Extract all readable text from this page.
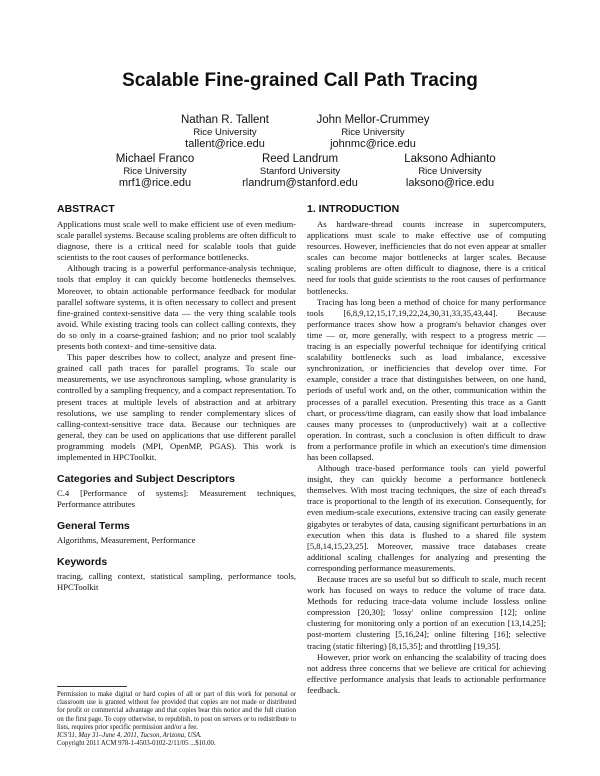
Scalable Fine-grained Call Path Tracing
Nathan R. Tallent
Rice University
tallent@rice.edu
John Mellor-Crummey
Rice University
johnmc@rice.edu
Michael Franco
Rice University
mrf1@rice.edu
Reed Landrum
Stanford University
rlandrum@stanford.edu
Laksono Adhianto
Rice University
laksono@rice.edu
ABSTRACT

Applications must scale well to make efficient use of even medium-scale parallel systems. Because scaling problems are often difficult to diagnose, there is a critical need for scalable tools that guide scientists to the root causes of performance bottlenecks.

Although tracing is a powerful performance-analysis technique, tools that employ it can quickly become bottlenecks themselves. Moreover, to obtain actionable performance feedback for modular parallel software systems, it is often necessary to collect and present fine-grained context-sensitive data — the very thing scalable tools avoid. While existing tracing tools can collect calling contexts, they do so only in a coarse-grained fashion; and no prior tool scalably presents both context- and time-sensitive data.

This paper describes how to collect, analyze and present fine-grained call path traces for parallel programs. To scale our measurements, we use asynchronous sampling, whose granularity is controlled by a sampling frequency, and a compact representation. To present traces at multiple levels of abstraction and at arbitrary resolutions, we use sampling to render complementary slices of calling-context-sensitive trace data. Because our techniques are general, they can be used on applications that use different parallel programming models (MPI, OpenMP, PGAS). This work is implemented in HPCToolkit.

Categories and Subject Descriptors

C.4 [Performance of systems]: Measurement techniques, Performance attributes

General Terms

Algorithms, Measurement, Performance

Keywords

tracing, calling context, statistical sampling, performance tools, HPCToolkit

Permission to make digital or hard copies of all or part of this work for personal or classroom use is granted without fee provided that copies are not made or distributed for profit or commercial advantage and that copies bear this notice and the full citation on the first page. To copy otherwise, to republish, to post on servers or to redistribute to lists, requires prior specific permission and/or a fee.

ICS'11, May 31–June 4, 2011, Tucson, Arizona, USA.

Copyright 2011 ACM 978-1-4503-0102-2/11/05 ...$10.00.

1. INTRODUCTION

As hardware-thread counts increase in supercomputers, applications must scale to make effective use of computing resources. However, inefficiencies that do not even appear at smaller scales can become major bottlenecks at larger scales. Because scaling problems are often difficult to diagnose, there is a critical need for tools that guide scientists to the root causes of performance bottlenecks.

Tracing has long been a method of choice for many performance tools [6,8,9,12,15,17,19,22,24,30,31,33,35,43,44]. Because performance traces show how a program's behavior changes over time — or, more generally, with respect to a progress metric — tracing is an especially powerful technique for identifying critical scalability bottlenecks such as load imbalance, excessive synchronization, or inefficiencies that develop over time. For example, consider a trace that distinguishes between, on one hand, periods of useful work and, on the other, communication within the processes of a parallel execution. Presenting this trace as a Gantt chart, or process/time diagram, can easily show that load imbalance causes many processes to (unproductively) wait at a collective operation. In contrast, such a conclusion is often difficult to draw from a performance profile in which an execution's time dimension has been collapsed.

Although trace-based performance tools can yield powerful insight, they can quickly become a performance bottleneck themselves. With most tracing techniques, the size of each thread's trace is proportional to the length of its execution. Consequently, for even medium-scale executions, extensive tracing can easily generate gigabytes or terabytes of data, causing significant perturbations in an execution when this data is flushed to a shared file system [5,8,14,15,23,25]. Moreover, massive trace databases create additional scaling challenges for analyzing and presenting the corresponding performance measurements.

Because traces are so useful but so difficult to scale, much recent work has focused on ways to reduce the volume of trace data. Methods for reducing trace-data volume include lossless online compression [20,30]; 'lossy' online compression [12]; online clustering for monitoring only a portion of an execution [13,14,25]; post-mortem clustering [5,16,24]; online filtering [16]; selective tracing (static filtering) [8,15,35]; and throttling [19,35].

However, prior work on enhancing the scalability of tracing does not address three concerns that we believe are critical for achieving effective performance analysis that leads to actionable performance feedback.
